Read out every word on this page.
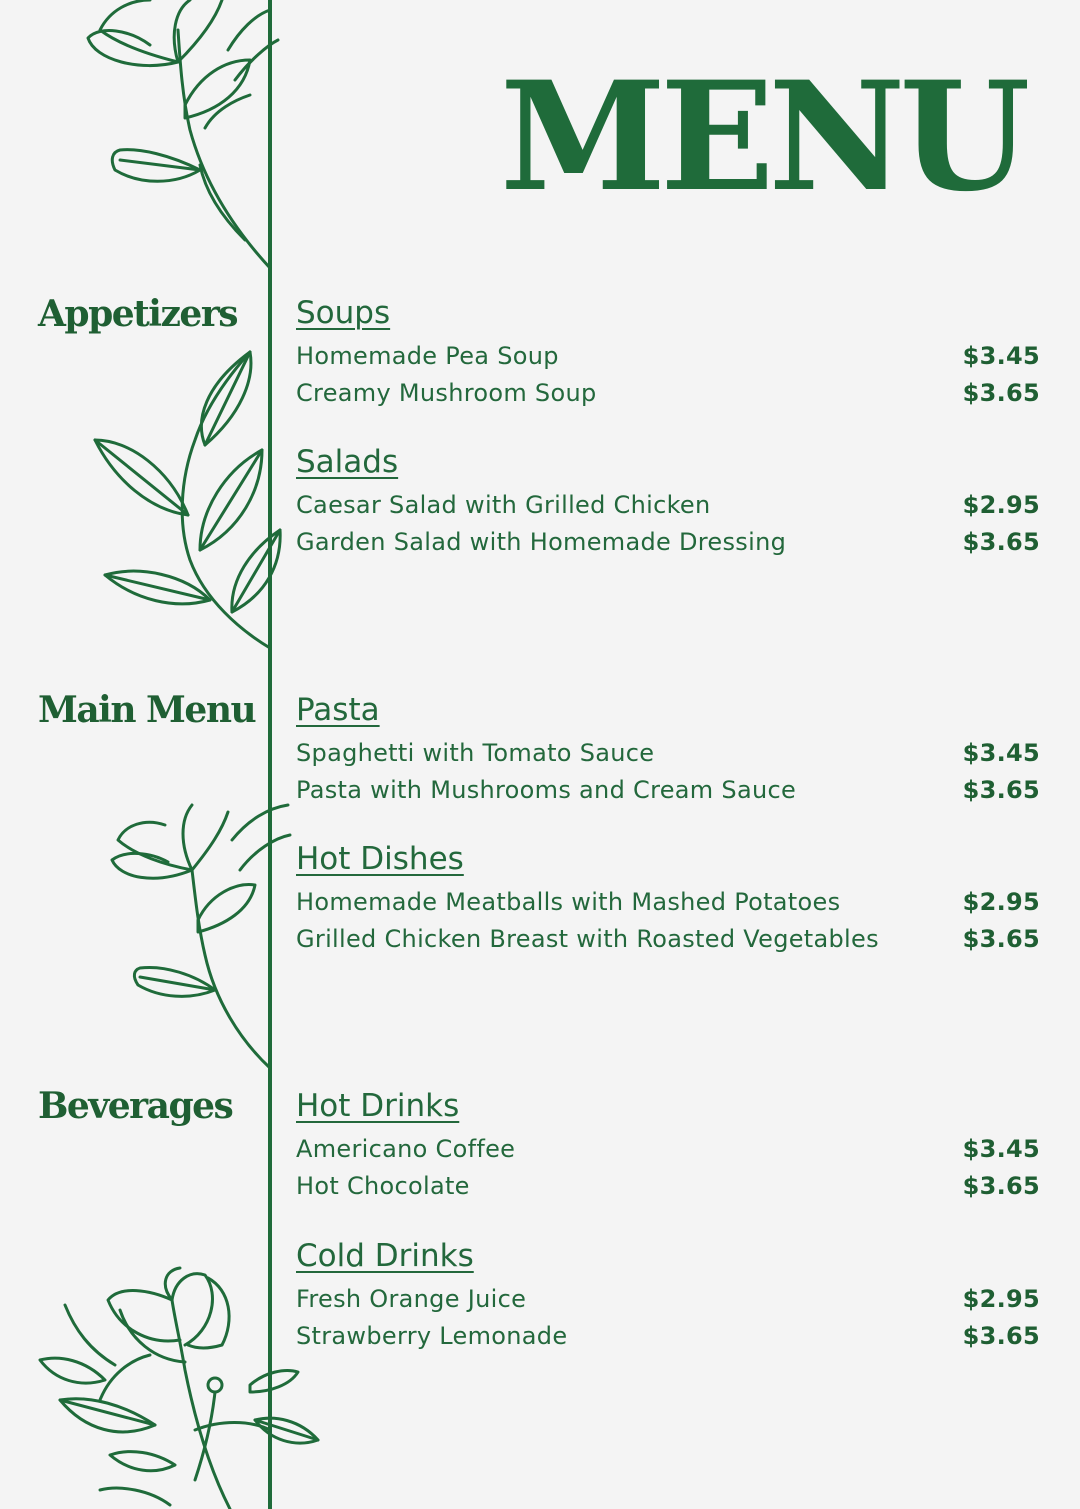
MENU
Appetizers Soups
Homemade Pea Soup	$3.45
Creamy Mushroom Soup	$3.65
Salads
Caesar Salad with Grilled Chicken	$2.95
Garden Salad with Homemade Dressing	$3.65
Main Menu Pasta
Spaghetti with Tomato Sauce	$3.45
Pasta with Mushrooms and Cream Sauce	$3.65
Hot Dishes
Homemade Meatballs with Mashed Potatoes	$2.95
Grilled Chicken Breast with Roasted Vegetables	$3.65
Beverages Hot Drinks
Americano Coffee	$3.45
Hot Chocolate	$3.65
Cold Drinks
Fresh Orange Juice	$2.95
Strawberry Lemonade	$3.65
